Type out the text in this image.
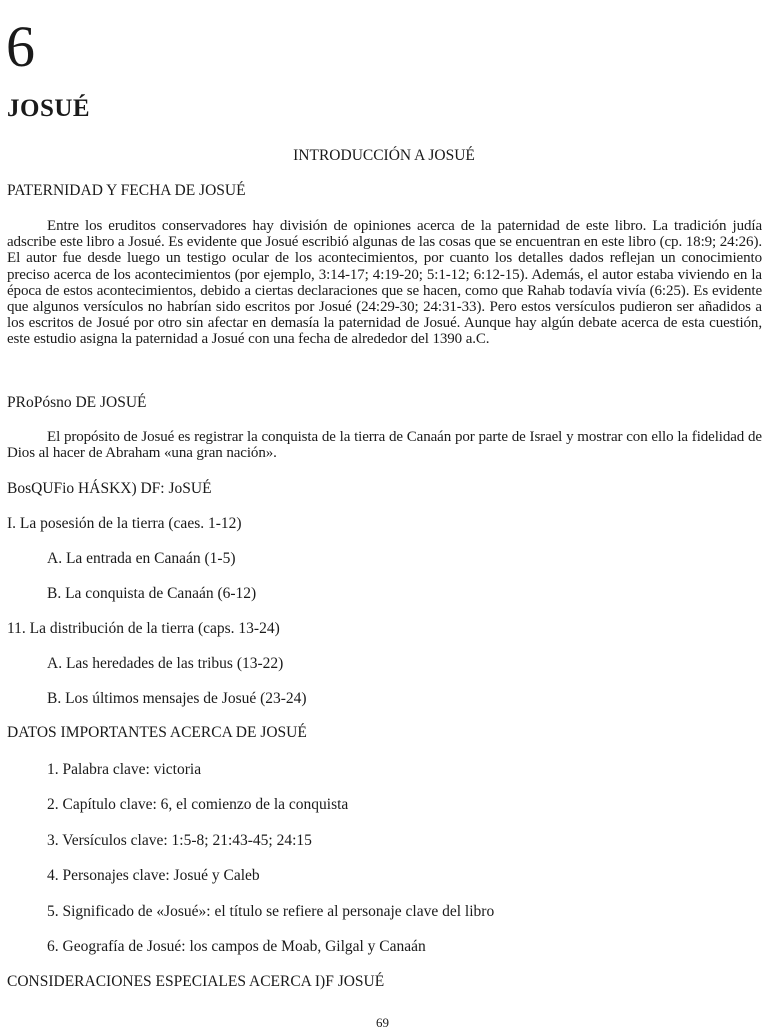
6
JOSUÉ
INTRODUCCIÓN A JOSUÉ
PATERNIDAD Y FECHA DE JOSUÉ
Entre los eruditos conservadores hay división de opiniones acerca de la paternidad de este libro. La tradición judía adscribe este libro a Josué. Es evidente que Josué escribió algunas de las cosas que se encuentran en este libro (cp. 18:9; 24:26). El autor fue desde luego un testigo ocular de los acontecimientos, por cuanto los detalles dados reflejan un conocimiento preciso acerca de los acontecimientos (por ejemplo, 3:14-17; 4:19-20; 5:1-12; 6:12-15). Además, el autor estaba viviendo en la época de estos acontecimientos, debido a ciertas declaraciones que se hacen, como que Rahab todavía vivía (6:25). Es evidente que algunos versículos no habrían sido escritos por Josué (24:29-30; 24:31-33). Pero estos versículos pudieron ser añadidos a los escritos de Josué por otro sin afectar en demasía la paternidad de Josué. Aunque hay algún debate acerca de esta cuestión, este estudio asigna la paternidad a Josué con una fecha de alrededor del 1390 a.C.
PRoPósno DE JOSUÉ
El propósito de Josué es registrar la conquista de la tierra de Canaán por parte de Israel y mostrar con ello la fidelidad de Dios al hacer de Abraham «una gran nación».
BosQUFio HÁSKX) DF: JoSUÉ
I. La posesión de la tierra (caes. 1-12)
A. La entrada en Canaán (1-5)
B. La conquista de Canaán (6-12)
11. La distribución de la tierra (caps. 13-24)
A. Las heredades de las tribus (13-22)
B. Los últimos mensajes de Josué (23-24)
DATOS IMPORTANTES ACERCA DE JOSUÉ
1. Palabra clave: victoria
2. Capítulo clave: 6, el comienzo de la conquista
3. Versículos clave: 1:5-8; 21:43-45; 24:15
4. Personajes clave: Josué y Caleb
5. Significado de «Josué»: el título se refiere al personaje clave del libro
6. Geografía de Josué: los campos de Moab, Gilgal y Canaán
CONSIDERACIONES ESPECIALES ACERCA I)F JOSUÉ
69
